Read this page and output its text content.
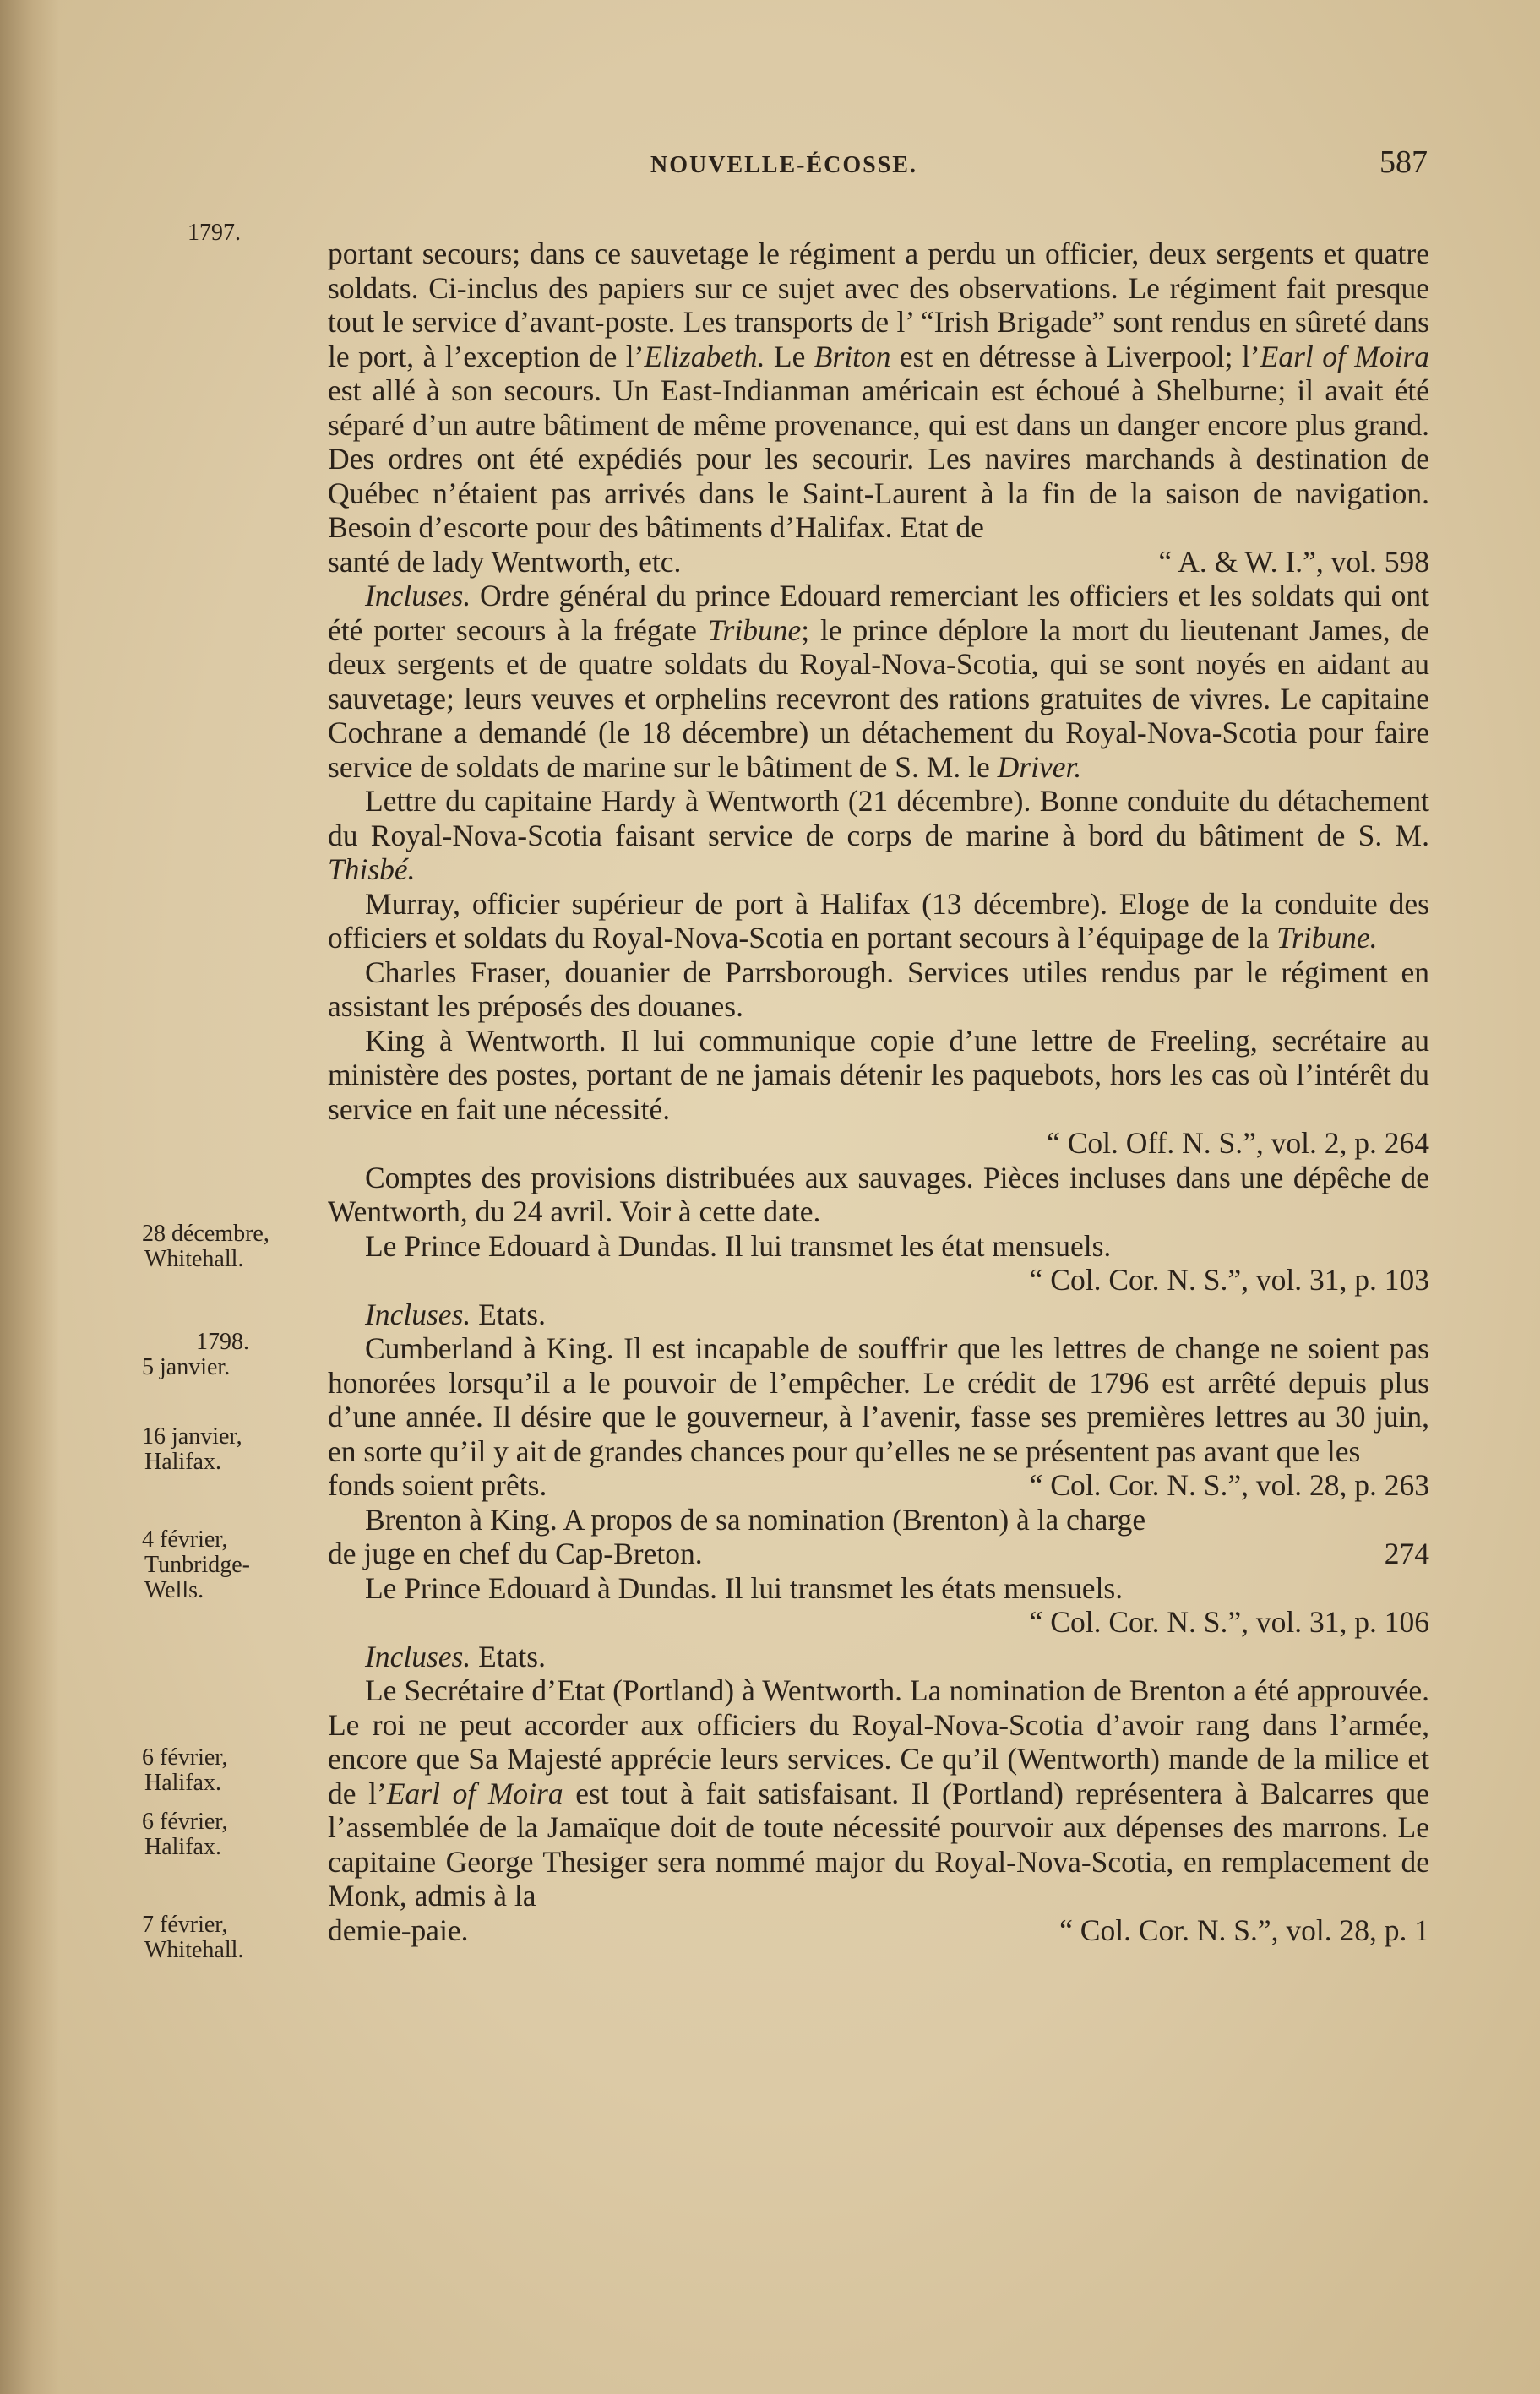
NOUVELLE-ÉCOSSE.	587
1797.
28 décembre,
Whitehall.
1798.
5 janvier.
16 janvier,
Halifax.
4 février,
Tunbridge-
Wells.
6 février,
Halifax.
6 février,
Halifax.
7 février,
Whitehall.

portant secours; dans ce sauvetage le régiment a perdu un officier, deux sergents et quatre soldats. Ci-inclus des papiers sur ce sujet avec des observations. Le régiment fait presque tout le service d’avant-poste. Les transports de l’ “Irish Brigade” sont rendus en sûreté dans le port, à l’exception de l’Elizabeth. Le Briton est en détresse à Liverpool; l’Earl of Moira est allé à son secours. Un East-Indianman américain est échoué à Shelburne; il avait été séparé d’un autre bâtiment de même provenance, qui est dans un danger encore plus grand. Des ordres ont été expédiés pour les secourir. Les navires marchands à destination de Québec n’étaient pas arrivés dans le Saint-Laurent à la fin de la saison de navigation. Besoin d’escorte pour des bâtiments d’Halifax. Etat de

santé de lady Wentworth, etc.	“ A. & W. I.”, vol. 598

Incluses. Ordre général du prince Edouard remerciant les officiers et les soldats qui ont été porter secours à la frégate Tribune; le prince déplore la mort du lieutenant James, de deux sergents et de quatre soldats du Royal-Nova-Scotia, qui se sont noyés en aidant au sauvetage; leurs veuves et orphelins recevront des rations gratuites de vivres. Le capitaine Cochrane a demandé (le 18 décembre) un détachement du Royal-Nova-Scotia pour faire service de soldats de marine sur le bâtiment de S. M. le Driver.

Lettre du capitaine Hardy à Wentworth (21 décembre). Bonne conduite du détachement du Royal-Nova-Scotia faisant service de corps de marine à bord du bâtiment de S. M. Thisbé.

Murray, officier supérieur de port à Halifax (13 décembre). Eloge de la conduite des officiers et soldats du Royal-Nova-Scotia en portant secours à l’équipage de la Tribune.

Charles Fraser, douanier de Parrsborough. Services utiles rendus par le régiment en assistant les préposés des douanes.

King à Wentworth. Il lui communique copie d’une lettre de Freeling, secrétaire au ministère des postes, portant de ne jamais détenir les paquebots, hors les cas où l’intérêt du service en fait une nécessité.

“ Col. Off. N. S.”, vol. 2, p. 264

Comptes des provisions distribuées aux sauvages. Pièces incluses dans une dépêche de Wentworth, du 24 avril. Voir à cette date.

Le Prince Edouard à Dundas. Il lui transmet les état mensuels.

“ Col. Cor. N. S.”, vol. 31, p. 103

Incluses. Etats.

Cumberland à King. Il est incapable de souffrir que les lettres de change ne soient pas honorées lorsqu’il a le pouvoir de l’empêcher. Le crédit de 1796 est arrêté depuis plus d’une année. Il désire que le gouverneur, à l’avenir, fasse ses premières lettres au 30 juin, en sorte qu’il y ait de grandes chances pour qu’elles ne se présentent pas avant que les

fonds soient prêts.	“ Col. Cor. N. S.”, vol. 28, p. 263

Brenton à King. A propos de sa nomination (Brenton) à la charge

de juge en chef du Cap-Breton.	274

Le Prince Edouard à Dundas. Il lui transmet les états mensuels.

“ Col. Cor. N. S.”, vol. 31, p. 106

Incluses. Etats.

Le Secrétaire d’Etat (Portland) à Wentworth. La nomination de Brenton a été approuvée. Le roi ne peut accorder aux officiers du Royal-Nova-Scotia d’avoir rang dans l’armée, encore que Sa Majesté apprécie leurs services. Ce qu’il (Wentworth) mande de la milice et de l’Earl of Moira est tout à fait satisfaisant. Il (Portland) représentera à Balcarres que l’assemblée de la Jamaïque doit de toute nécessité pourvoir aux dépenses des marrons. Le capitaine George Thesiger sera nommé major du Royal-Nova-Scotia, en remplacement de Monk, admis à la

demie-paie.	“ Col. Cor. N. S.”, vol. 28, p. 1
